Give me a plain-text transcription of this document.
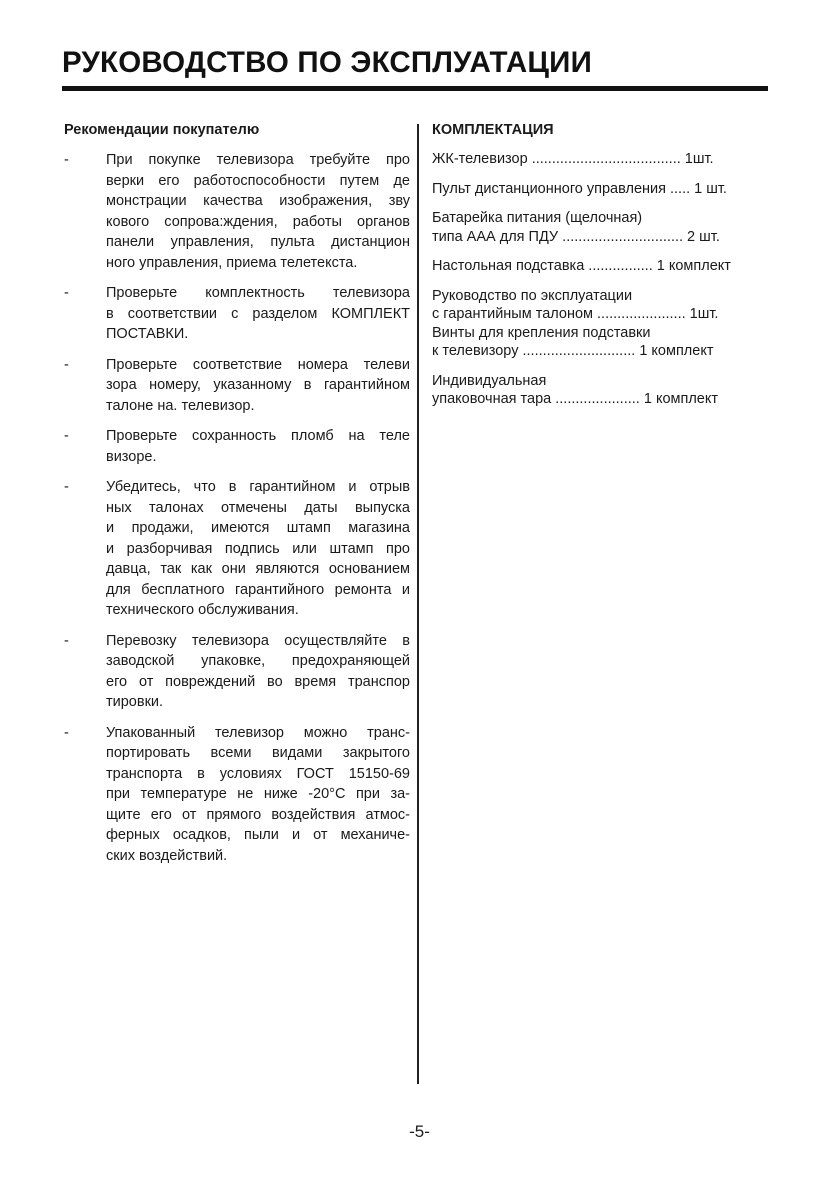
РУКОВОДСТВО ПО ЭКСПЛУАТАЦИИ
Рекомендации покупателю
-	При покупке телевизора требуйте про
верки его работоспособности путем де
монстрации качества изображения, зву
кового сопрова:ждения, работы органов
панели управления, пульта дистанцион
ного управления, приема телетекста.
-	Проверьте комплектность телевизора
в соответствии с разделом КОМПЛЕКТ
ПОСТАВКИ.
-	Проверьте соответствие номера телеви
зора номеру, указанному в гарантийном
талоне на. телевизор.
-	Проверьте сохранность пломб на теле
визоре.
-	Убедитесь, что в гарантийном и отрыв
ных талонах отмечены даты выпуска
и продажи, имеются штамп магазина
и разборчивая подпись или штамп про
давца, так как они являются основанием
для бесплатного гарантийного ремонта и
технического обслуживания.
-	Перевозку телевизора осуществляйте в
заводской упаковке, предохраняющей
его от повреждений во время транспор
тировки.
-	Упакованный телевизор можно транс-
портировать всеми видами закрытого
транспорта в условиях ГОСТ 15150-69
при температуре не ниже -20°С при за-
щите его от прямого воздействия атмос-
ферных осадков, пыли и от механиче-
ских воздействий.
КОМПЛЕКТАЦИЯ
ЖК-телевизор ..................................... 1шт.
Пульт дистанционного управления ..... 1 шт.
Батарейка питания (щелочная)
типа ААА для ПДУ .............................. 2 шт.
Настольная подставка ................ 1 комплект
Руководство по эксплуатации
с гарантийным талоном ...................... 1шт.
Винты для крепления подставки
к телевизору ............................ 1 комплект
Индивидуальная
упаковочная тара ..................... 1 комплект
-5-
